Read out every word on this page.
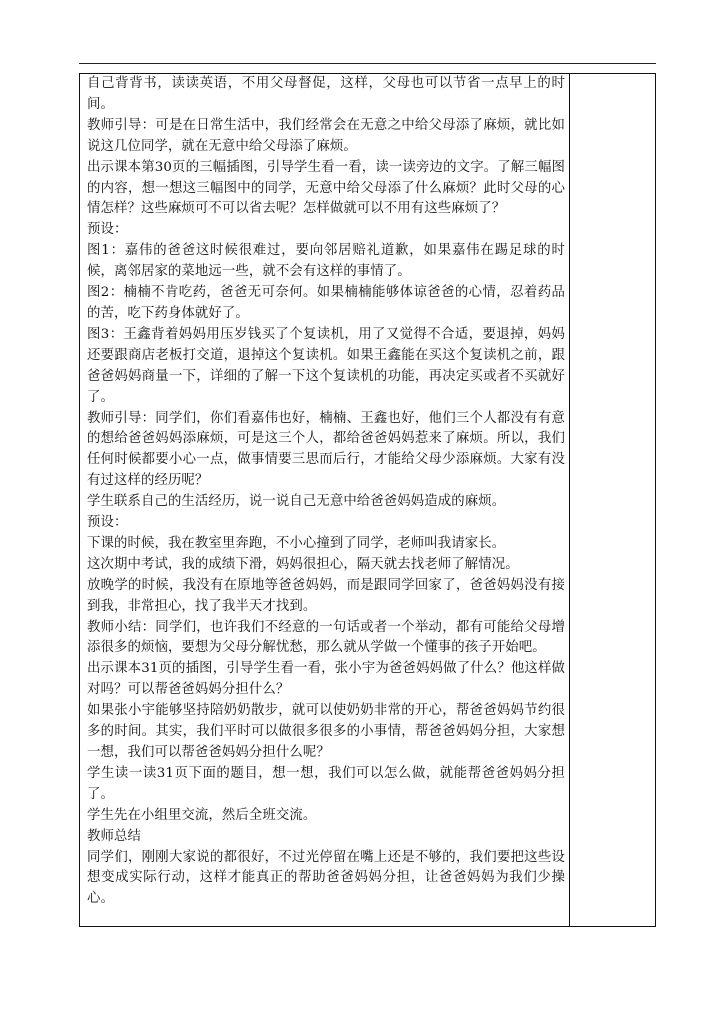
自己背背书，读读英语，不用父母督促，这样，父母也可以节省一点早上的时间。

教师引导：可是在日常生活中，我们经常会在无意之中给父母添了麻烦，就比如说这几位同学，就在无意中给父母添了麻烦。

出示课本第30页的三幅插图，引导学生看一看，读一读旁边的文字。了解三幅图的内容，想一想这三幅图中的同学，无意中给父母添了什么麻烦？此时父母的心情怎样？这些麻烦可不可以省去呢？怎样做就可以不用有这些麻烦了？

预设：

图1：嘉伟的爸爸这时候很难过，要向邻居赔礼道歉，如果嘉伟在踢足球的时候，离邻居家的菜地远一些，就不会有这样的事情了。

图2：楠楠不肯吃药，爸爸无可奈何。如果楠楠能够体谅爸爸的心情，忍着药品的苦，吃下药身体就好了。

图3：王鑫背着妈妈用压岁钱买了个复读机，用了又觉得不合适，要退掉，妈妈还要跟商店老板打交道，退掉这个复读机。如果王鑫能在买这个复读机之前，跟爸爸妈妈商量一下，详细的了解一下这个复读机的功能，再决定买或者不买就好了。

教师引导：同学们，你们看嘉伟也好，楠楠、王鑫也好，他们三个人都没有有意的想给爸爸妈妈添麻烦，可是这三个人，都给爸爸妈妈惹来了麻烦。所以，我们任何时候都要小心一点，做事情要三思而后行，才能给父母少添麻烦。大家有没有过这样的经历呢？

学生联系自己的生活经历，说一说自己无意中给爸爸妈妈造成的麻烦。

预设：

下课的时候，我在教室里奔跑，不小心撞到了同学，老师叫我请家长。

这次期中考试，我的成绩下滑，妈妈很担心，隔天就去找老师了解情况。

放晚学的时候，我没有在原地等爸爸妈妈，而是跟同学回家了，爸爸妈妈没有接到我，非常担心，找了我半天才找到。

教师小结：同学们，也许我们不经意的一句话或者一个举动，都有可能给父母增添很多的烦恼，要想为父母分解忧愁，那么就从学做一个懂事的孩子开始吧。

出示课本31页的插图，引导学生看一看，张小宇为爸爸妈妈做了什么？他这样做对吗？可以帮爸爸妈妈分担什么？

如果张小宇能够坚持陪奶奶散步，就可以使奶奶非常的开心，帮爸爸妈妈节约很多的时间。其实，我们平时可以做很多很多的小事情，帮爸爸妈妈分担，大家想一想，我们可以帮爸爸妈妈分担什么呢？

学生读一读31页下面的题目，想一想，我们可以怎么做，就能帮爸爸妈妈分担了。

学生先在小组里交流，然后全班交流。

教师总结

同学们，刚刚大家说的都很好，不过光停留在嘴上还是不够的，我们要把这些设想变成实际行动，这样才能真正的帮助爸爸妈妈分担，让爸爸妈妈为我们少操心。
